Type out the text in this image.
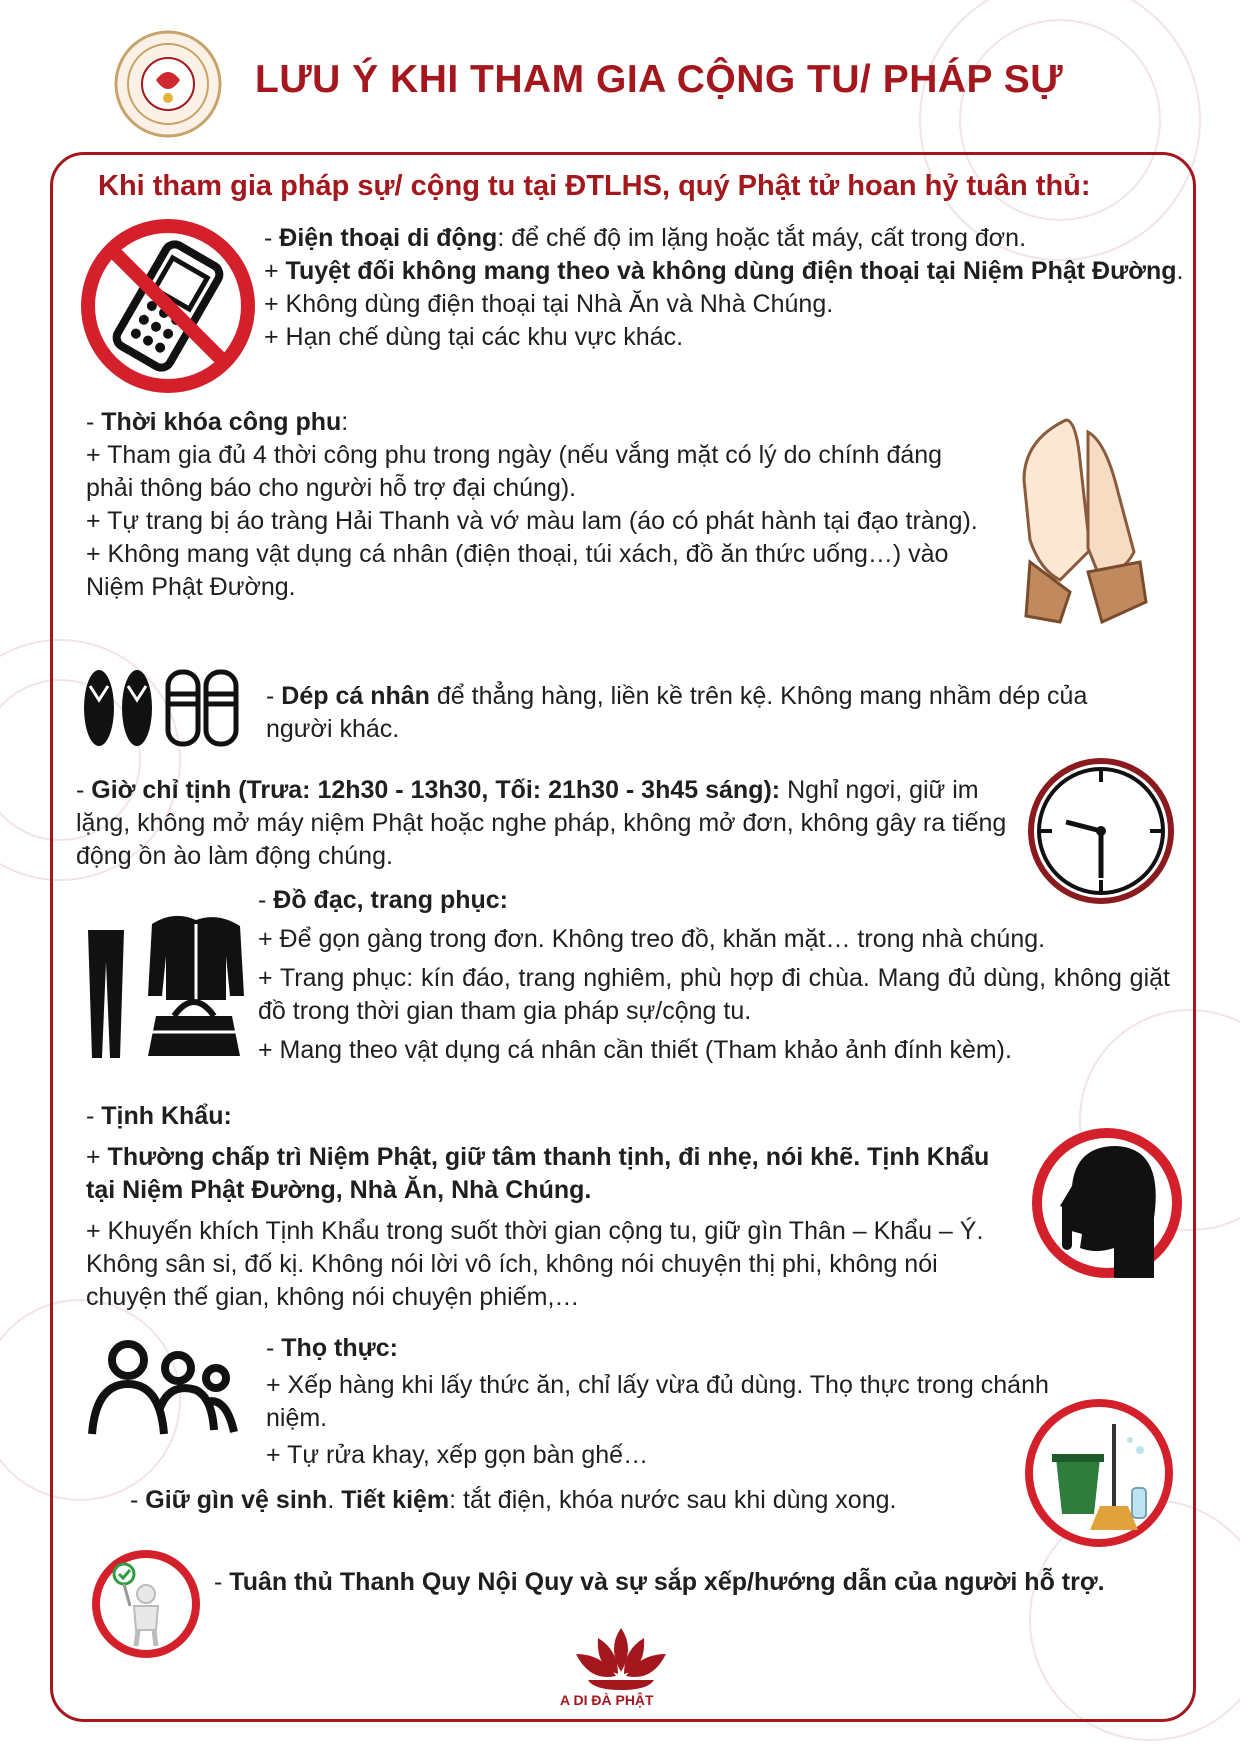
LƯU Ý KHI THAM GIA CỘNG TU/ PHÁP SỰ
Khi tham gia pháp sự/ cộng tu tại ĐTLHS, quý Phật tử hoan hỷ tuân thủ:

- Điện thoại di động: để chế độ im lặng hoặc tắt máy, cất trong đơn.

+ Tuyệt đối không mang theo và không dùng điện thoại tại Niệm Phật Đường.

+ Không dùng điện thoại tại Nhà Ăn và Nhà Chúng.

+ Hạn chế dùng tại các khu vực khác.

- Thời khóa công phu:

+ Tham gia đủ 4 thời công phu trong ngày (nếu vắng mặt có lý do chính đáng phải thông báo cho người hỗ trợ đại chúng).

+ Tự trang bị áo tràng Hải Thanh và vớ màu lam (áo có phát hành tại đạo tràng).

+ Không mang vật dụng cá nhân (điện thoại, túi xách, đồ ăn thức uống…) vào Niệm Phật Đường.

- Dép cá nhân để thẳng hàng, liền kề trên kệ. Không mang nhầm dép của người khác.

- Giờ chỉ tịnh (Trưa: 12h30 - 13h30, Tối: 21h30 - 3h45 sáng): Nghỉ ngơi, giữ im lặng, không mở máy niệm Phật hoặc nghe pháp, không mở đơn, không gây ra tiếng động ồn ào làm động chúng.

- Đồ đạc, trang phục:

+ Để gọn gàng trong đơn. Không treo đồ, khăn mặt… trong nhà chúng.

+ Trang phục: kín đáo, trang nghiêm, phù hợp đi chùa. Mang đủ dùng, không giặt đồ trong thời gian tham gia pháp sự/cộng tu.

+ Mang theo vật dụng cá nhân cần thiết (Tham khảo ảnh đính kèm).

- Tịnh Khẩu:

+ Thường chấp trì Niệm Phật, giữ tâm thanh tịnh, đi nhẹ, nói khẽ. Tịnh Khẩu tại Niệm Phật Đường, Nhà Ăn, Nhà Chúng.

+ Khuyến khích Tịnh Khẩu trong suốt thời gian cộng tu, giữ gìn Thân – Khẩu – Ý. Không sân si, đố kị. Không nói lời vô ích, không nói chuyện thị phi, không nói chuyện thế gian, không nói chuyện phiếm,…

- Thọ thực:

+ Xếp hàng khi lấy thức ăn, chỉ lấy vừa đủ dùng. Thọ thực trong chánh niệm.

+ Tự rửa khay, xếp gọn bàn ghế…

- Giữ gìn vệ sinh. Tiết kiệm: tắt điện, khóa nước sau khi dùng xong.

- Tuân thủ Thanh Quy Nội Quy và sự sắp xếp/hướng dẫn của người hỗ trợ.

A DI ĐÀ PHẬT
